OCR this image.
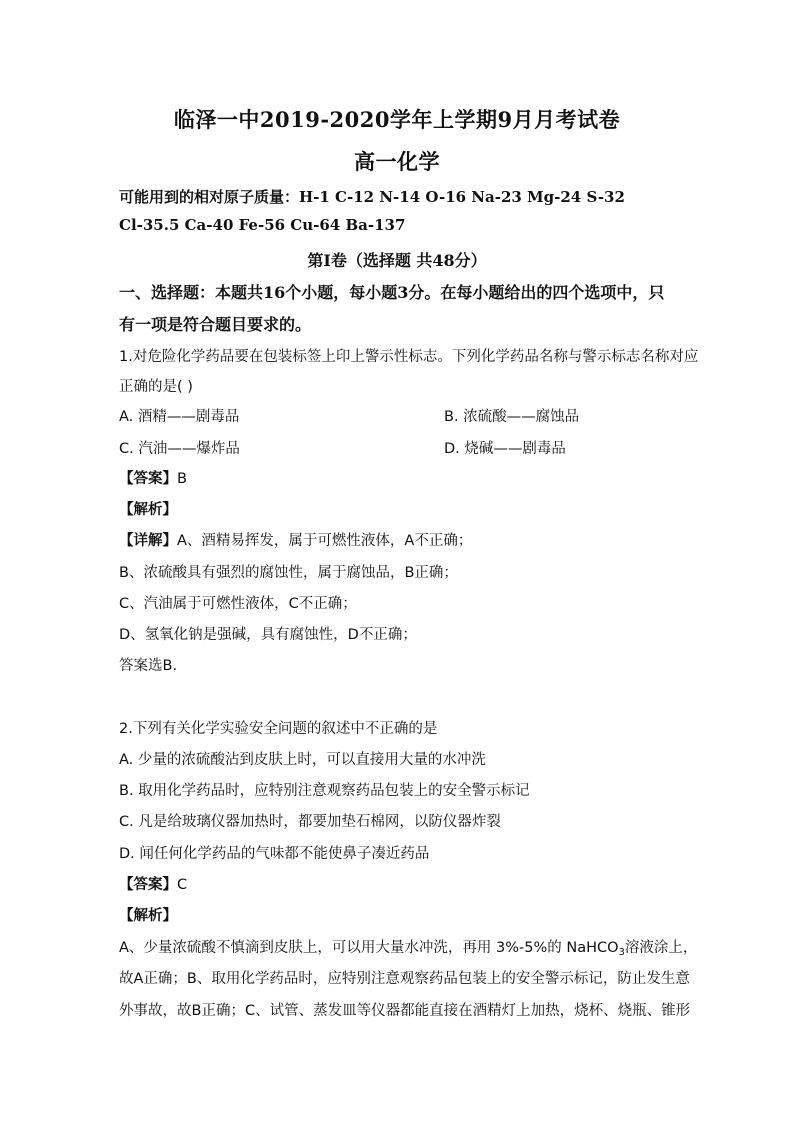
临泽一中2019-2020学年上学期9月月考试卷
高一化学
可能用到的相对原子质量：H-1 C-12 N-14 O-16 Na-23 Mg-24 S-32
Cl-35.5 Ca-40 Fe-56 Cu-64 Ba-137
第Ⅰ卷（选择题 共48分）
一、选择题：本题共16个小题，每小题3分。在每小题给出的四个选项中，只
有一项是符合题目要求的。
1.对危险化学药品要在包装标签上印上警示性标志。下列化学药品名称与警示标志名称对应
正确的是( )
A. 酒精——剧毒品	B. 浓硫酸——腐蚀品
C. 汽油——爆炸品	D. 烧碱——剧毒品
【答案】B
【解析】
【详解】A、酒精易挥发，属于可燃性液体，A不正确；
B、浓硫酸具有强烈的腐蚀性，属于腐蚀品，B正确；
C、汽油属于可燃性液体，C不正确；
D、氢氧化钠是强碱，具有腐蚀性，D不正确；
答案选B.
2.下列有关化学实验安全问题的叙述中不正确的是
A. 少量的浓硫酸沾到皮肤上时，可以直接用大量的水冲洗
B. 取用化学药品时，应特别注意观察药品包装上的安全警示标记
C. 凡是给玻璃仪器加热时，都要加垫石棉网，以防仪器炸裂
D. 闻任何化学药品的气味都不能使鼻子凑近药品
【答案】C
【解析】
A、少量浓硫酸不慎滴到皮肤上，可以用大量水冲洗，再用 3%-5%的 NaHCO$_3$溶液涂上，
故A正确；B、取用化学药品时，应特别注意观察药品包装上的安全警示标记，防止发生意
外事故，故B正确；C、试管、蒸发皿等仪器都能直接在酒精灯上加热，烧杯、烧瓶、锥形
